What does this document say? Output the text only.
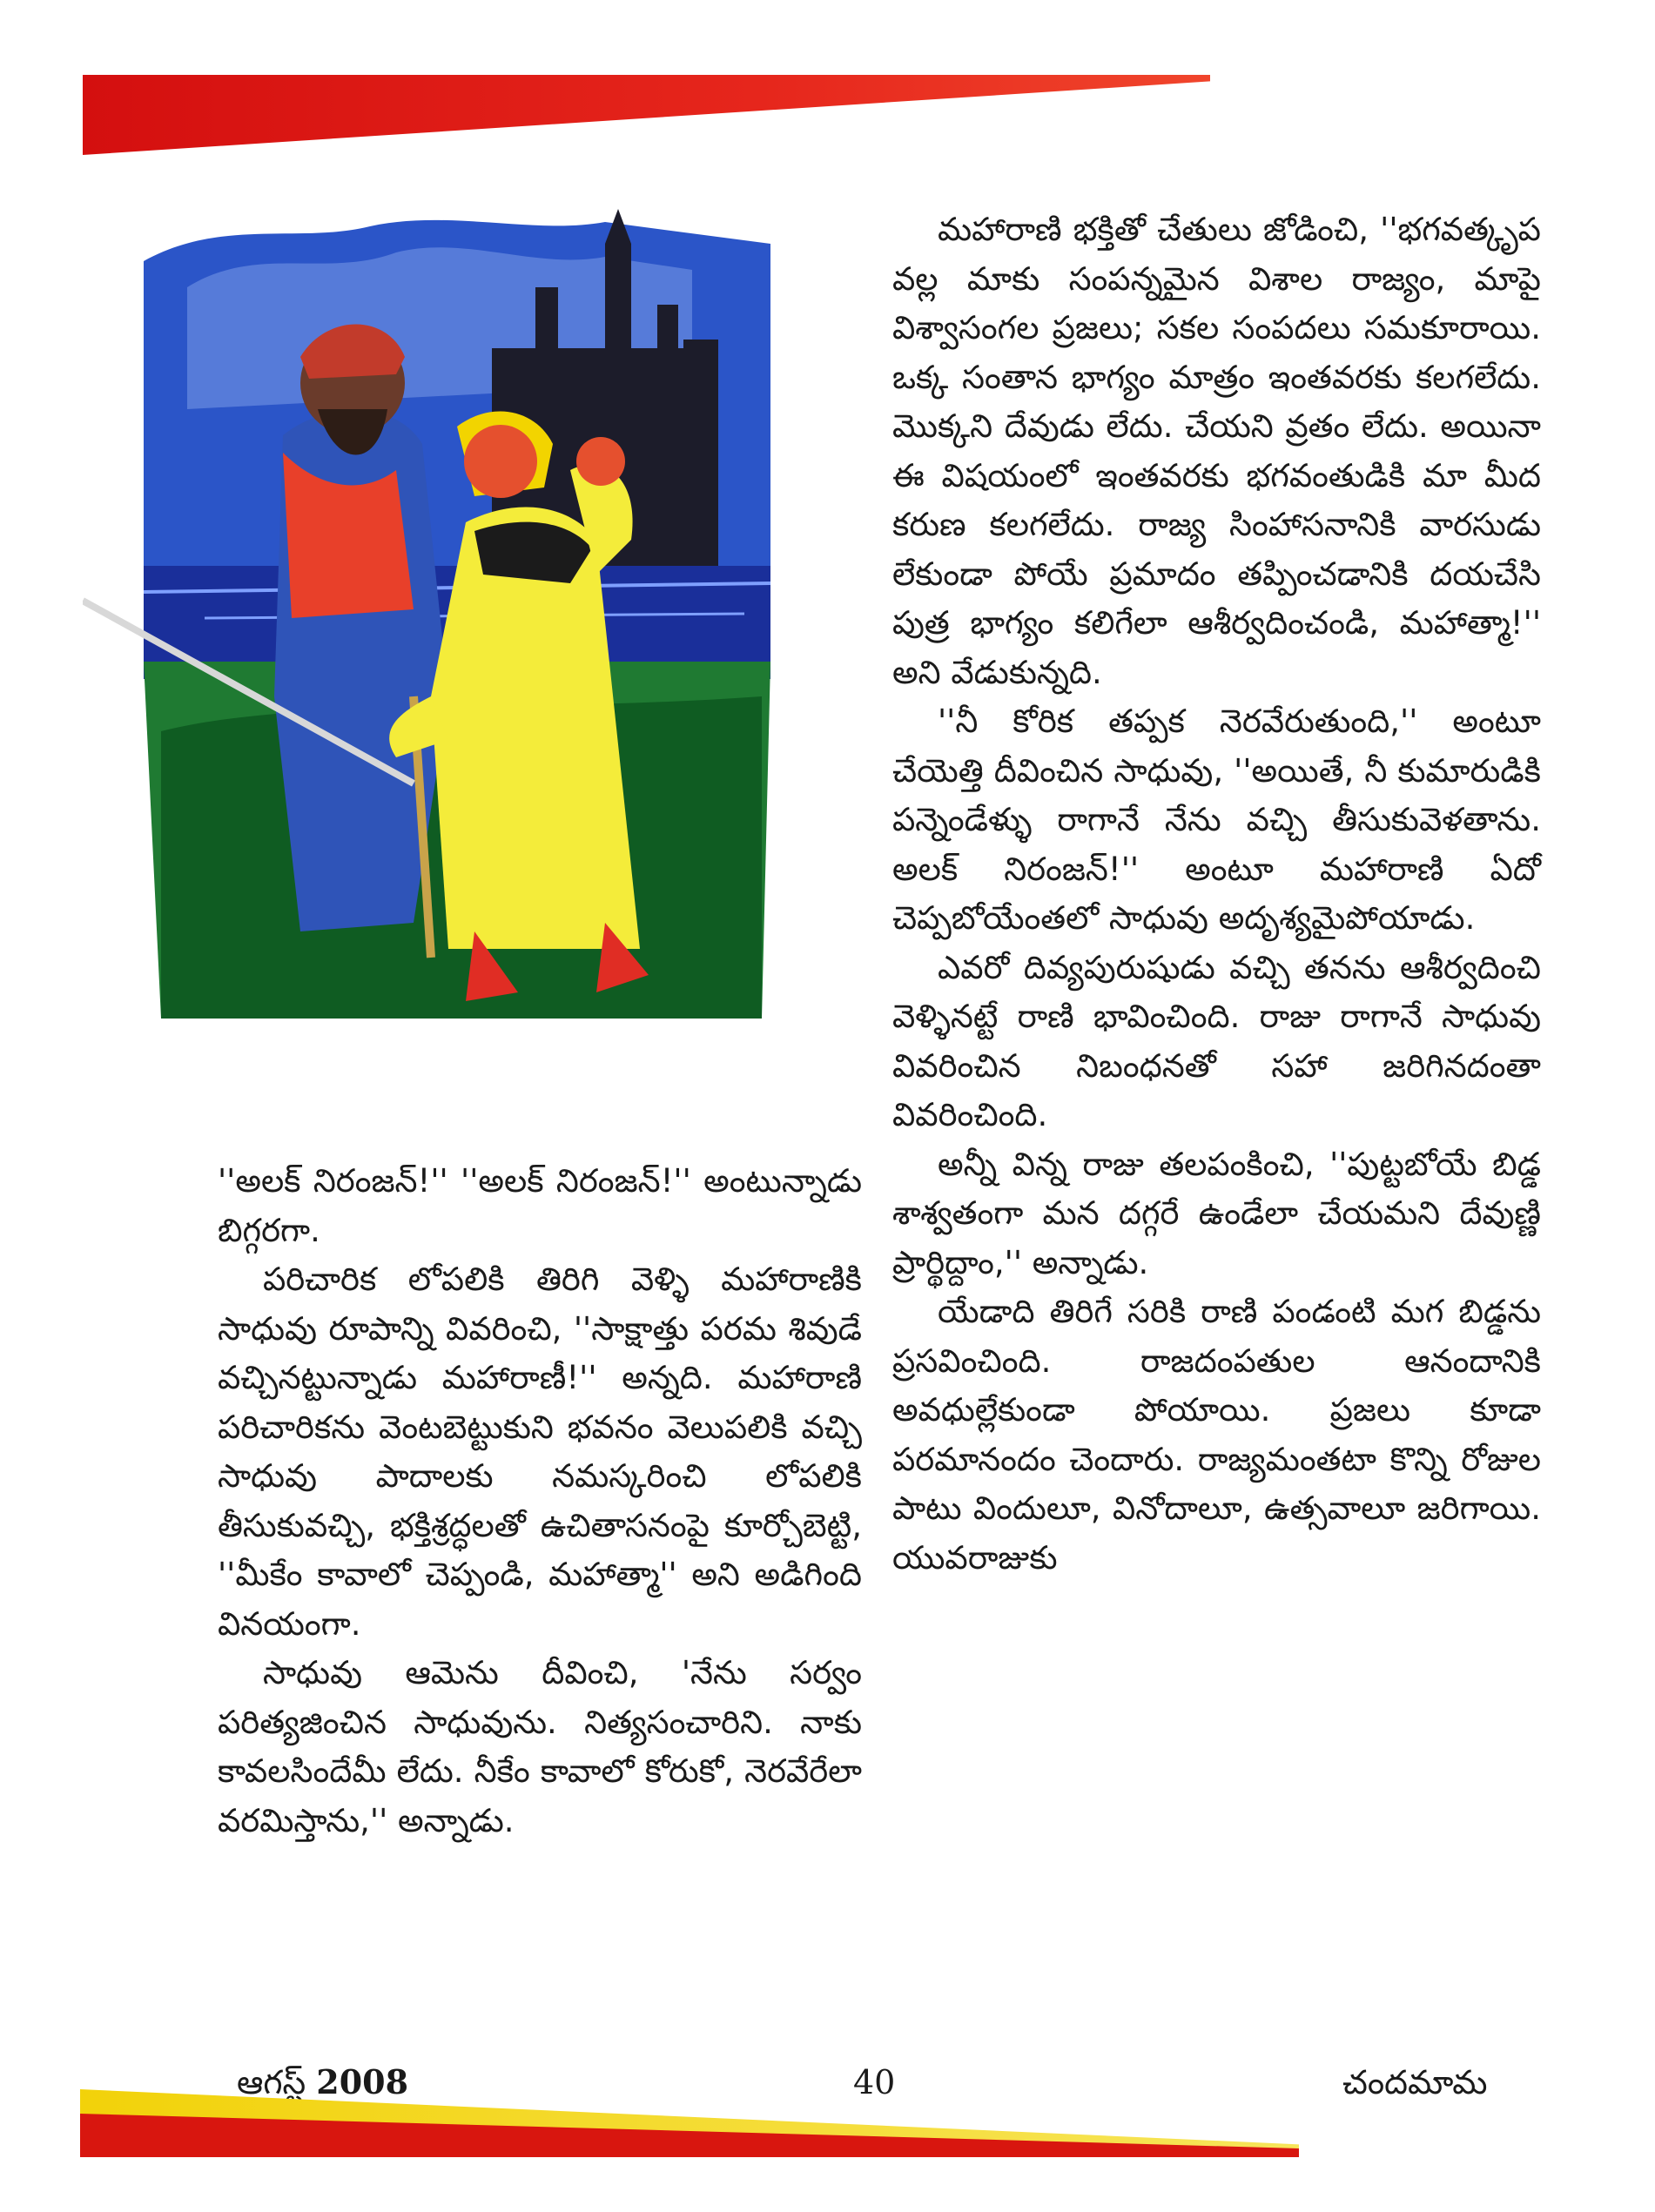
''అలక్ నిరంజన్!'' ''అలక్ నిరంజన్!'' అంటున్నాడు బిగ్గరగా.

పరిచారిక లోపలికి తిరిగి వెళ్ళి మహారాణికి సాధువు రూపాన్ని వివరించి, ''సాక్షాత్తు పరమ శివుడే వచ్చినట్టున్నాడు మహారాణీ!'' అన్నది. మహారాణి పరిచారికను వెంటబెట్టుకుని భవనం వెలుపలికి వచ్చి సాధువు పాదాలకు నమస్కరించి లోపలికి తీసుకువచ్చి, భక్తిశ్రద్ధలతో ఉచితాసనంపై కూర్చోబెట్టి, ''మీకేం కావాలో చెప్పండి, మహాత్మా'' అని అడిగింది వినయంగా.

సాధువు ఆమెను దీవించి, 'నేను సర్వం పరిత్యజించిన సాధువును. నిత్యసంచారిని. నాకు కావలసిందేమీ లేదు. నీకేం కావాలో కోరుకో, నెరవేరేలా వరమిస్తాను,'' అన్నాడు.

మహారాణి భక్తితో చేతులు జోడించి, ''భగవత్కృప వల్ల మాకు సంపన్నమైన విశాల రాజ్యం, మాపై విశ్వాసంగల ప్రజలు; సకల సంపదలు సమకూరాయి. ఒక్క సంతాన భాగ్యం మాత్రం ఇంతవరకు కలగలేదు. మొక్కని దేవుడు లేదు. చేయని వ్రతం లేదు. అయినా ఈ విషయంలో ఇంతవరకు భగవంతుడికి మా మీద కరుణ కలగలేదు. రాజ్య సింహాసనానికి వారసుడు లేకుండా పోయే ప్రమాదం తప్పించడానికి దయచేసి పుత్ర భాగ్యం కలిగేలా ఆశీర్వదించండి, మహాత్మా!'' అని వేడుకున్నది.

''నీ కోరిక తప్పక నెరవేరుతుంది,'' అంటూ చేయెత్తి దీవించిన సాధువు, ''అయితే, నీ కుమారుడికి పన్నెండేళ్ళు రాగానే నేను వచ్చి తీసుకువెళతాను. అలక్ నిరంజన్!'' అంటూ మహారాణి ఏదో చెప్పబోయేంతలో సాధువు అదృశ్యమైపోయాడు.

ఎవరో దివ్యపురుషుడు వచ్చి తనను ఆశీర్వదించి వెళ్ళినట్టే రాణి భావించింది. రాజు రాగానే సాధువు వివరించిన నిబంధనతో సహా జరిగినదంతా వివరించింది.

అన్నీ విన్న రాజు తలపంకించి, ''పుట్టబోయే బిడ్డ శాశ్వతంగా మన దగ్గరే ఉండేలా చేయమని దేవుణ్ణి ప్రార్థిద్దాం,'' అన్నాడు.

యేడాది తిరిగే సరికి రాణి పండంటి మగ బిడ్డను ప్రసవించింది. రాజదంపతుల ఆనందానికి అవధుల్లేకుండా పోయాయి. ప్రజలు కూడా పరమానందం చెందారు. రాజ్యమంతటా కొన్ని రోజుల పాటు విందులూ, వినోదాలూ, ఉత్సవాలూ జరిగాయి. యువరాజుకు

ఆగస్ట్ 2008	40	చందమామ
